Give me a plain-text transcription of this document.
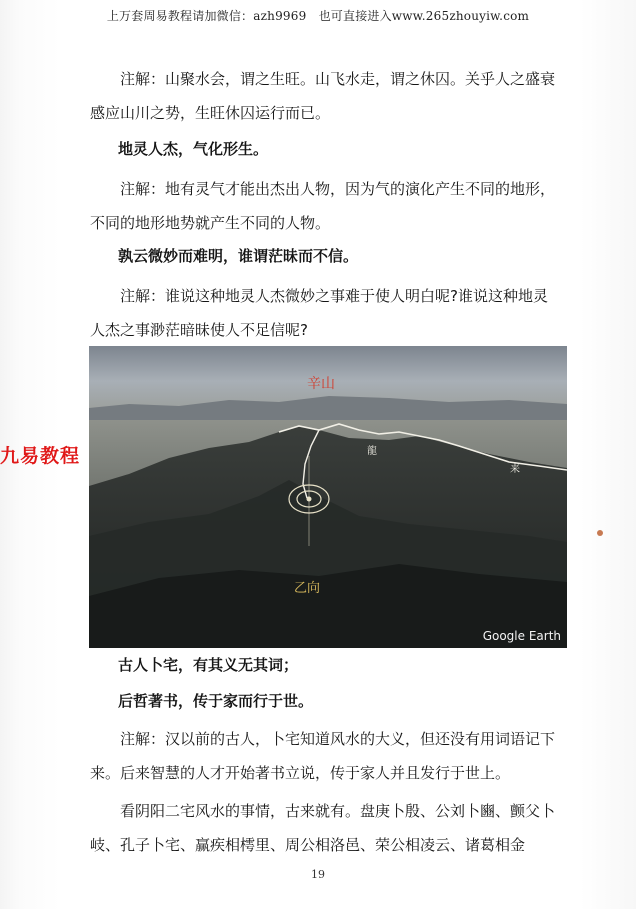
上万套周易教程请加微信：azh9969　也可直接进入www.265zhouyiw.com
注解：山聚水会，谓之生旺。山飞水走，谓之休囚。关乎人之盛衰感应山川之势，生旺休囚运行而已。
地灵人杰，气化形生。
注解：地有灵气才能出杰出人物，因为气的演化产生不同的地形，不同的地形地势就产生不同的人物。
孰云微妙而难明，谁谓茫昧而不信。
注解：谁说这种地灵人杰微妙之事难于使人明白呢?谁说这种地灵人杰之事渺茫暗昧使人不足信呢?
九易教程
辛山
龍
来
乙向
Google Earth
古人卜宅，有其义无其词；
后哲著书，传于家而行于世。
注解：汉以前的古人，卜宅知道风水的大义，但还没有用词语记下来。后来智慧的人才开始著书立说，传于家人并且发行于世上。
看阴阳二宅风水的事情，古来就有。盘庚卜殷、公刘卜豳、颤父卜岐、孔子卜宅、赢疾相樗里、周公相洛邑、荣公相凌云、诸葛相金
19
